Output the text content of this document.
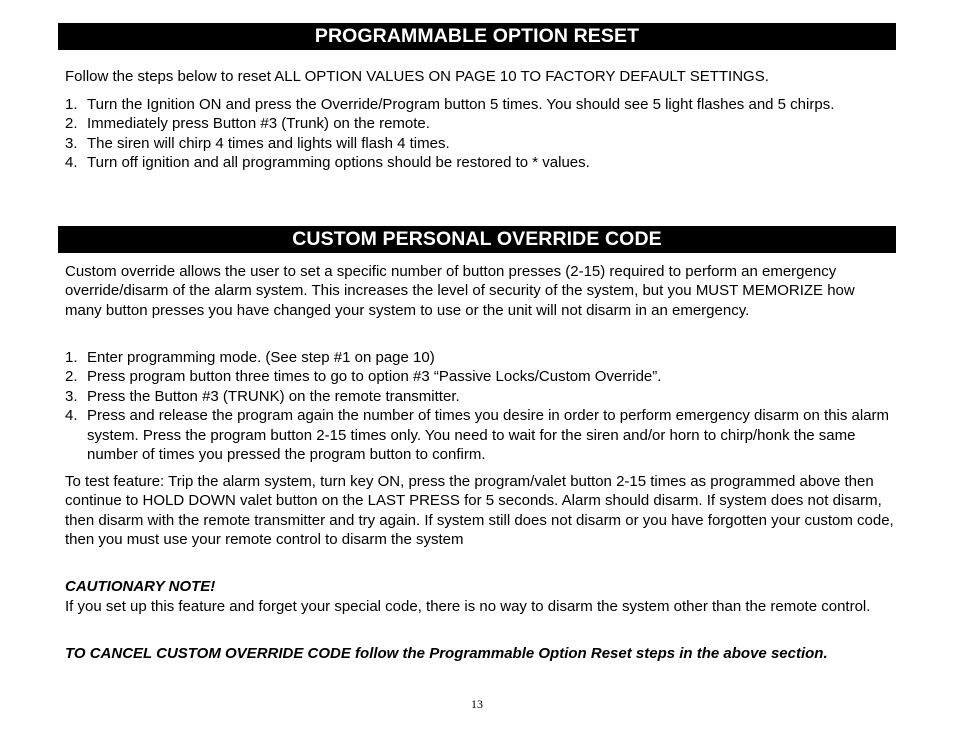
PROGRAMMABLE OPTION RESET
Follow the steps below to reset ALL OPTION VALUES ON PAGE 10 TO FACTORY DEFAULT SETTINGS.
1. Turn the Ignition ON and press the Override/Program button 5 times. You should see 5 light flashes and 5 chirps.
2. Immediately press Button #3 (Trunk) on the remote.
3. The siren will chirp 4 times and lights will flash 4 times.
4. Turn off ignition and all programming options should be restored to * values.
CUSTOM PERSONAL OVERRIDE CODE
Custom override allows the user to set a specific number of button presses (2-15) required to perform an emergency override/disarm of the alarm system. This increases the level of security of the system, but you MUST MEMORIZE how many button presses you have changed your system to use or the unit will not disarm in an emergency.
1. Enter programming mode. (See step #1 on page 10)
2. Press program button three times to go to option #3 “Passive Locks/Custom Override”.
3. Press the Button #3 (TRUNK) on the remote transmitter.
4. Press and release the program again the number of times you desire in order to perform emergency disarm on this alarm system. Press the program button 2-15 times only. You need to wait for the siren and/or horn to chirp/honk the same number of times you pressed the program button to confirm.
To test feature: Trip the alarm system, turn key ON, press the program/valet button 2-15 times as programmed above then continue to HOLD DOWN valet button on the LAST PRESS for 5 seconds. Alarm should disarm. If system does not disarm, then disarm with the remote transmitter and try again. If system still does not disarm or you have forgotten your custom code, then you must use your remote control to disarm the system
CAUTIONARY NOTE!
If you set up this feature and forget your special code, there is no way to disarm the system other than the remote control.
TO CANCEL CUSTOM OVERRIDE CODE follow the Programmable Option Reset steps in the above section.
13
